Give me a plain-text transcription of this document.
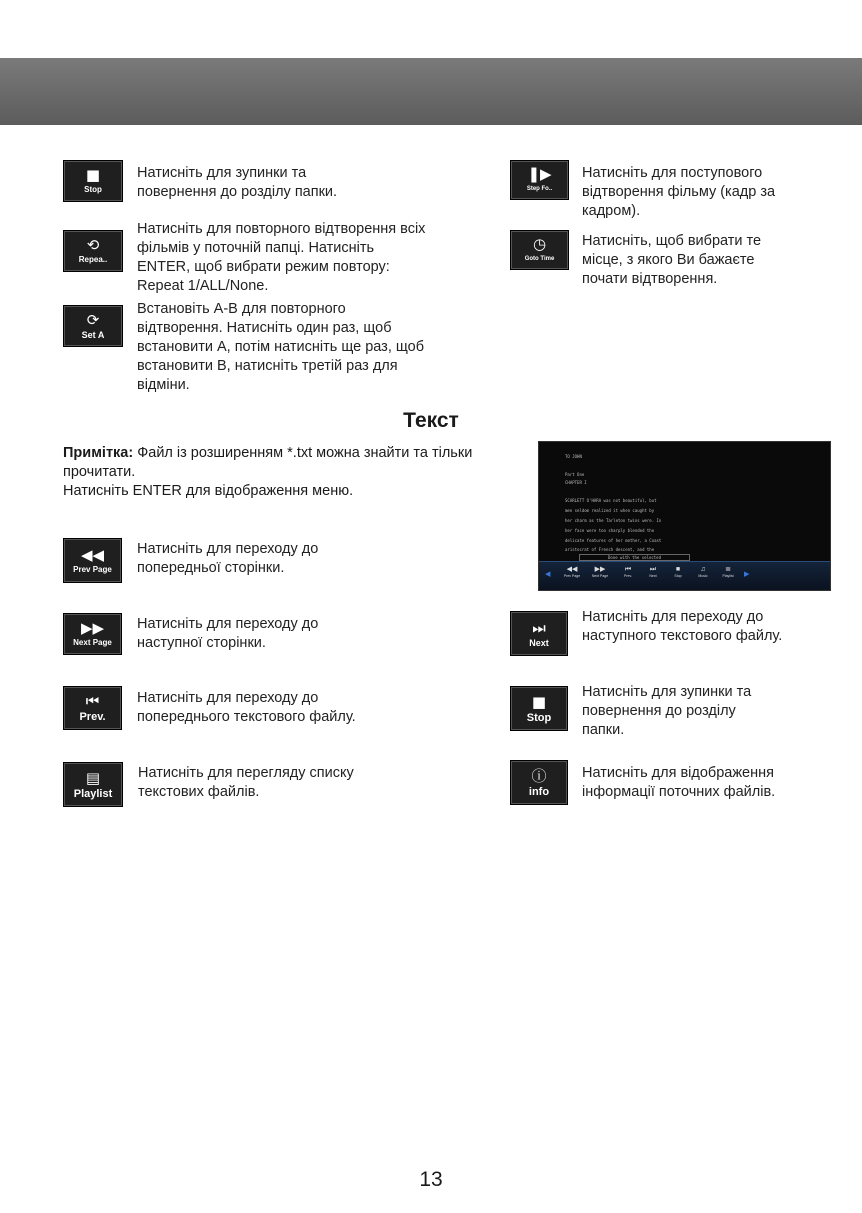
■
Stop
Натисніть для зупинки та повернення до розділу папки.
⟲
Repea..
Натисніть для повторного відтворення всіх фільмів у поточній папці. Натисніть ENTER, щоб вибрати режим повтору: Repeat 1/ALL/None.
⟳
Set A
Встановіть A-B для повторного відтворення. Натисніть один раз, щоб встановити A, потім натисніть ще раз, щоб встановити B, натисніть третій раз для відміни.
❚▶
Step Fo..
Натисніть для поступового відтворення фільму (кадр за кадром).
◷
Goto Time
Натисніть, щоб вибрати те місце, з якого Ви бажаєте почати відтворення.
Текст
Примітка: Файл із розширенням *.txt можна знайти та тільки прочитати.
Натисніть ENTER для відображення меню.
TO JOHN
Part One
CHAPTER I
SCARLETT O'HARA was not beautiful, but
men seldom realized it when caught by
her charm as the Tarleton twins were. In
her face were too sharply blended the
delicate features of her mother, a Coast
aristocrat of French descent, and the
Done with the selected
◀
◀◀
Prev Page
▶▶
Next Page
⏮
Prev.
⏭
Next
■
Stop
♫
Music
≣
Playlist	▶
◀◀
Prev Page
Натисніть для переходу до попередньої сторінки.
▶▶
Next Page
Натисніть для переходу до наступної сторінки.
⏮
Prev.
Натисніть для переходу до попереднього текстового файлу.
▤
Playlist
Натисніть для перегляду списку текстових файлів.
⏭
Next
Натисніть для переходу до наступного текстового файлу.
■
Stop
Натисніть для зупинки та повернення до розділу папки.
ⓘ
info
Натисніть для відображення інформації поточних файлів.
13
